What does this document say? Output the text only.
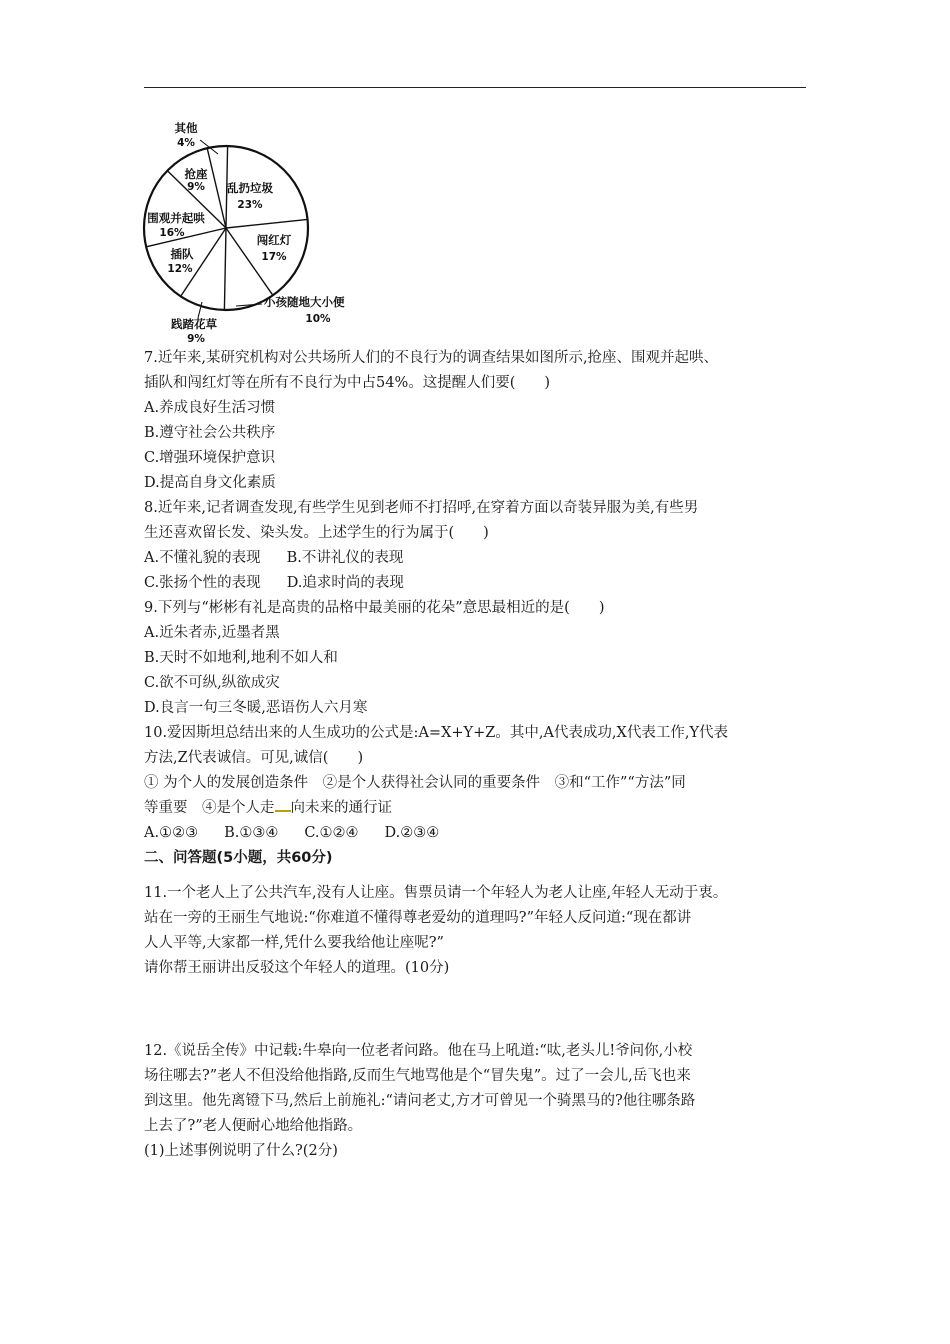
乱扔垃圾
23%
闯红灯
17%
小孩随地大小便
10%
践踏花草
9%
插队
12%
围观并起哄
16%
抢座
9%
其他
4%
7.近年来,某研究机构对公共场所人们的不良行为的调查结果如图所示,抢座、围观并起哄、
插队和闯红灯等在所有不良行为中占54%。这提醒人们要(　　)
A.养成良好生活习惯
B.遵守社会公共秩序
C.增强环境保护意识
D.提高自身文化素质
8.近年来,记者调查发现,有些学生见到老师不打招呼,在穿着方面以奇装异服为美,有些男
生还喜欢留长发、染头发。上述学生的行为属于(　　)
A.不懂礼貌的表现 B.不讲礼仪的表现
C.张扬个性的表现 D.追求时尚的表现
9.下列与“彬彬有礼是高贵的品格中最美丽的花朵”意思最相近的是(　　)
A.近朱者赤,近墨者黑
B.天时不如地利,地利不如人和
C.欲不可纵,纵欲成灾
D.良言一句三冬暖,恶语伤人六月寒
10.爱因斯坦总结出来的人生成功的公式是:A=X+Y+Z。其中,A代表成功,X代表工作,Y代表
方法,Z代表诚信。可见,诚信(　　)
① 为个人的发展创造条件　②是个人获得社会认同的重要条件　③和“工作”“方法”同
等重要　④是个人走 向未来的通行证
A.①②③ B.①③④ C.①②④ D.②③④
二、问答题(5小题，共60分)
11.一个老人上了公共汽车,没有人让座。售票员请一个年轻人为老人让座,年轻人无动于衷。
站在一旁的王丽生气地说:“你难道不懂得尊老爱幼的道理吗?”年轻人反问道:“现在都讲
人人平等,大家都一样,凭什么要我给他让座呢?”
请你帮王丽讲出反驳这个年轻人的道理。(10分)
12.《说岳全传》中记载:牛皋向一位老者问路。他在马上吼道:“呔,老头儿!爷问你,小校
场往哪去?”老人不但没给他指路,反而生气地骂他是个“冒失鬼”。过了一会儿,岳飞也来
到这里。他先离镫下马,然后上前施礼:“请问老丈,方才可曾见一个骑黑马的?他往哪条路
上去了?”老人便耐心地给他指路。
(1)上述事例说明了什么?(2分)
